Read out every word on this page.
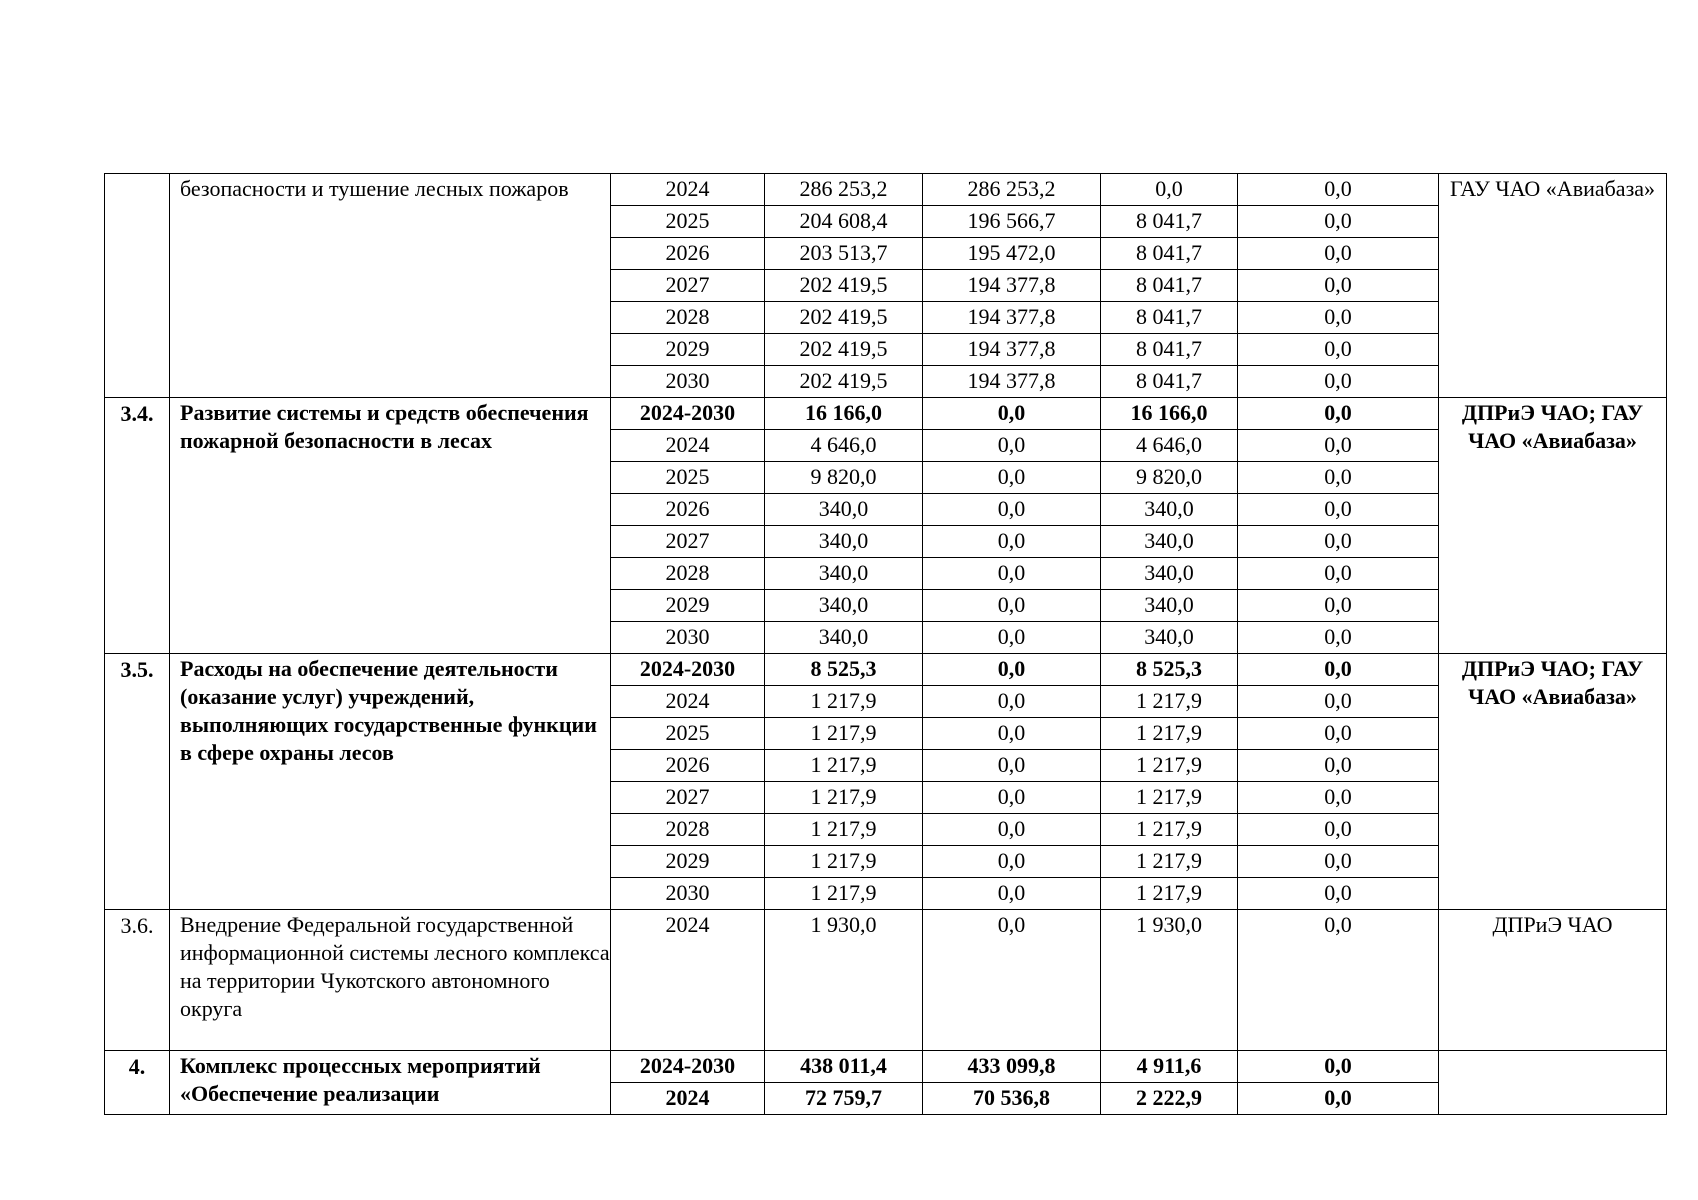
	безопасности и тушение лесных пожаров	2024	286 253,2	286 253,2	0,0	0,0	ГАУ ЧАО «Авиабаза»
		2025	204 608,4	196 566,7	8 041,7	0,0	
		2026	203 513,7	195 472,0	8 041,7	0,0	
		2027	202 419,5	194 377,8	8 041,7	0,0	
		2028	202 419,5	194 377,8	8 041,7	0,0	
		2029	202 419,5	194 377,8	8 041,7	0,0	
		2030	202 419,5	194 377,8	8 041,7	0,0	
3.4.	Развитие системы и средств обеспечения пожарной безопасности в лесах	2024-2030	16 166,0	0,0	16 166,0	0,0	ДПРиЭ ЧАО; ГАУ ЧАО «Авиабаза»
		2024	4 646,0	0,0	4 646,0	0,0	
		2025	9 820,0	0,0	9 820,0	0,0	
		2026	340,0	0,0	340,0	0,0	
		2027	340,0	0,0	340,0	0,0	
		2028	340,0	0,0	340,0	0,0	
		2029	340,0	0,0	340,0	0,0	
		2030	340,0	0,0	340,0	0,0	
3.5.	Расходы на обеспечение деятельности (оказание услуг) учреждений, выполняющих государственные функции в сфере охраны лесов	2024-2030	8 525,3	0,0	8 525,3	0,0	ДПРиЭ ЧАО; ГАУ ЧАО «Авиабаза»
		2024	1 217,9	0,0	1 217,9	0,0	
		2025	1 217,9	0,0	1 217,9	0,0	
		2026	1 217,9	0,0	1 217,9	0,0	
		2027	1 217,9	0,0	1 217,9	0,0	
		2028	1 217,9	0,0	1 217,9	0,0	
		2029	1 217,9	0,0	1 217,9	0,0	
		2030	1 217,9	0,0	1 217,9	0,0	
3.6.	Внедрение Федеральной государственной информационной системы лесного комплекса на территории Чукотского автономного округа	2024	1 930,0	0,0	1 930,0	0,0	ДПРиЭ ЧАО
4.	Комплекс процессных мероприятий «Обеспечение реализации	2024-2030	438 011,4	433 099,8	4 911,6	0,0	
		2024	72 759,7	70 536,8	2 222,9	0,0	
